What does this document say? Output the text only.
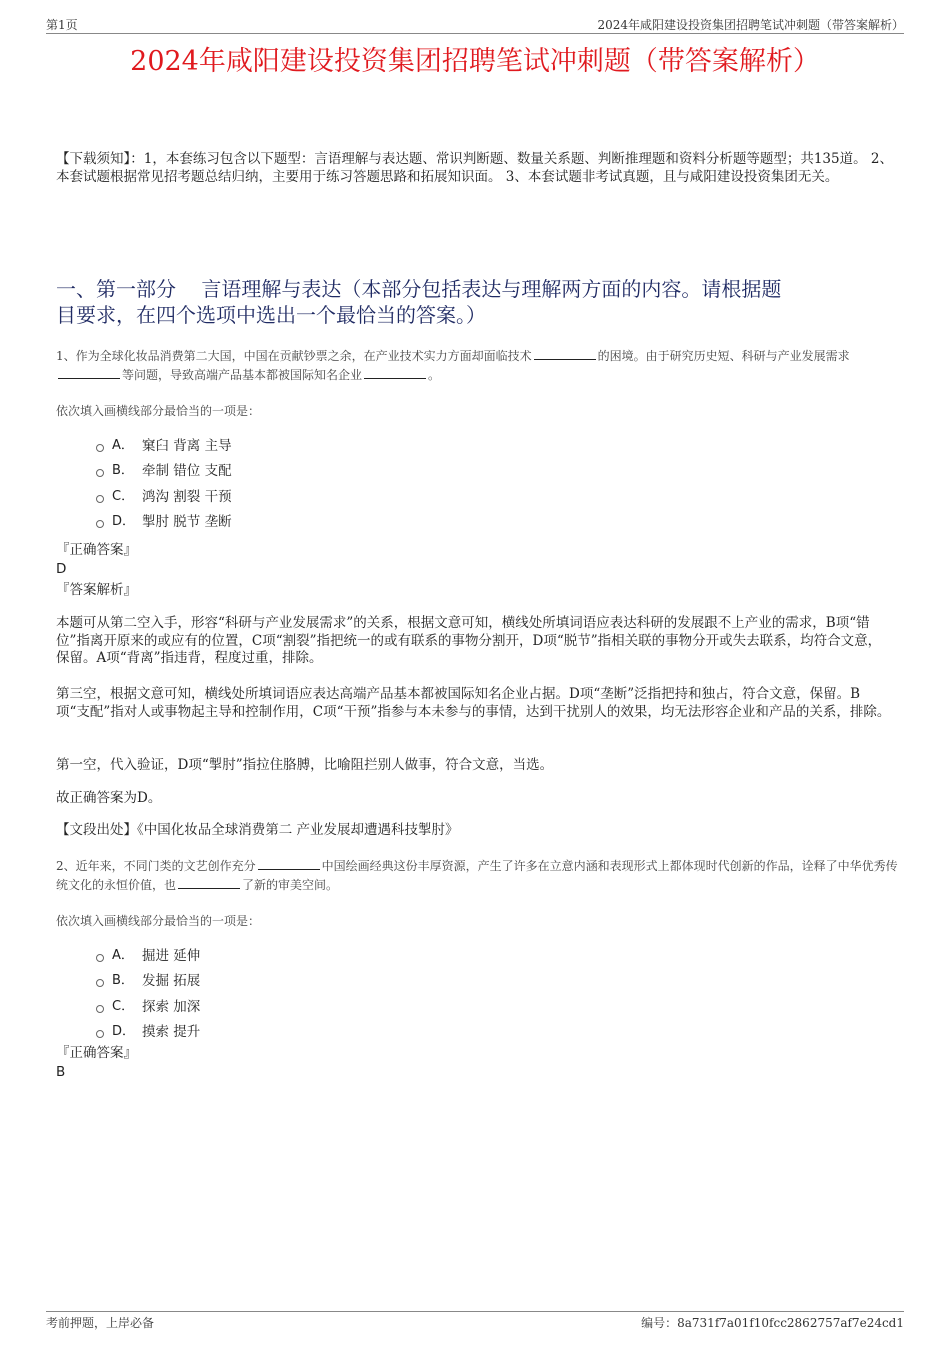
第1页	2024年咸阳建设投资集团招聘笔试冲刺题（带答案解析）
2024年咸阳建设投资集团招聘笔试冲刺题（带答案解析）
【下载须知】：1，本套练习包含以下题型：言语理解与表达题、常识判断题、数量关系题、判断推理题和资料分析题等题型；共135道。 2、本套试题根据常见招考题总结归纳，主要用于练习答题思路和拓展知识面。 3、本套试题非考试真题，且与咸阳建设投资集团无关。
一、第一部分    言语理解与表达（本部分包括表达与理解两方面的内容。请根据题
目要求，在四个选项中选出一个最恰当的答案。）
1、作为全球化妆品消费第二大国，中国在贡献钞票之余，在产业技术实力方面却面临技术	的困境。由于研究历史短、科研与产业发展需求等问题，导致高端产品基本都被国际知名企业	。
依次填入画横线部分最恰当的一项是：
A． 窠臼 背离 主导
B． 牵制 错位 支配
C． 鸿沟 割裂 干预
D． 掣肘 脱节 垄断
『正确答案』
D
『答案解析』
本题可从第二空入手，形容“科研与产业发展需求”的关系，根据文意可知，横线处所填词语应表达科研的发展跟不上产业的需求，B项“错位”指离开原来的或应有的位置，C项“割裂”指把统一的或有联系的事物分割开，D项“脱节”指相关联的事物分开或失去联系，均符合文意，保留。A项“背离”指违背，程度过重，排除。
第三空，根据文意可知，横线处所填词语应表达高端产品基本都被国际知名企业占据。D项“垄断”泛指把持和独占，符合文意，保留。B项“支配”指对人或事物起主导和控制作用，C项“干预”指参与本未参与的事情，达到干扰别人的效果，均无法形容企业和产品的关系，排除。
第一空，代入验证，D项“掣肘”指拉住胳膊，比喻阻拦别人做事，符合文意，当选。
故正确答案为D。
【文段出处】《中国化妆品全球消费第二 产业发展却遭遇科技掣肘》
2、近年来，不同门类的文艺创作充分	中国绘画经典这份丰厚资源，产生了许多在立意内涵和表现形式上都体现时代创新的作品，诠释了中华优秀传统文化的永恒价值，也	了新的审美空间。
依次填入画横线部分最恰当的一项是：
A． 掘进 延伸
B． 发掘 拓展
C． 探索 加深
D． 摸索 提升
『正确答案』
B
考前押题，上岸必备	编号：8a731f7a01f10fcc2862757af7e24cd1
